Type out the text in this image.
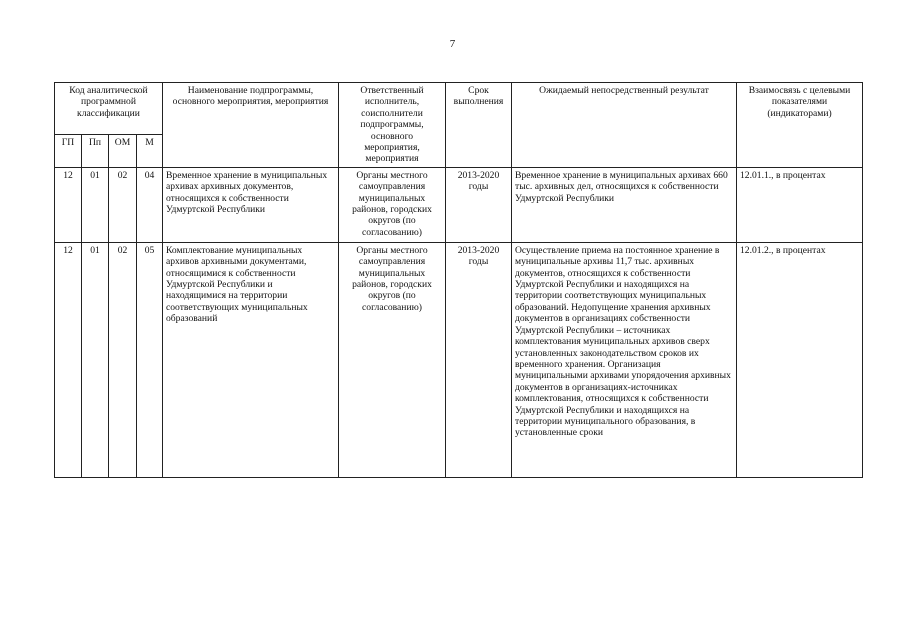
7
Код аналитической программной классификации				Наименование подпрограммы, основного мероприятия, мероприятия	Ответственный исполнитель, соисполнители подпрограммы, основного мероприятия, мероприятия	Срок выполнения	Ожидаемый непосредственный результат	Взаимосвязь с целевыми показателями (индикаторами)
ГП	Пп	ОМ	М					
12	01	02	04	Временное хранение в муниципальных архивах архивных документов, относящихся к собственности Удмуртской Республики	Органы местного самоуправления муниципальных районов, городских округов (по согласованию)	2013-2020 годы	Временное хранение в муниципальных архивах 660 тыс. архивных дел, относящихся к собственности Удмуртской Республики	12.01.1., в процентах
12	01	02	05	Комплектование муниципальных архивов архивными документами, относящимися к собственности Удмуртской Республики и находящимися на территории соответствующих муниципальных образований	Органы местного самоуправления муниципальных районов, городских округов (по согласованию)	2013-2020 годы	Осуществление приема на постоянное хранение в муниципальные архивы 11,7 тыс. архивных документов, относящихся к собственности Удмуртской Республики и находящихся на территории соответствующих муниципальных образований. Недопущение хранения архивных документов в организациях собственности Удмуртской Республики – источниках комплектования муниципальных архивов сверх установленных законодательством сроков их временного хранения. Организация муниципальными архивами упорядочения архивных документов в организациях-источниках комплектования, относящихся к собственности Удмуртской Республики и находящихся на территории муниципального образования, в установленные сроки	12.01.2., в процентах
